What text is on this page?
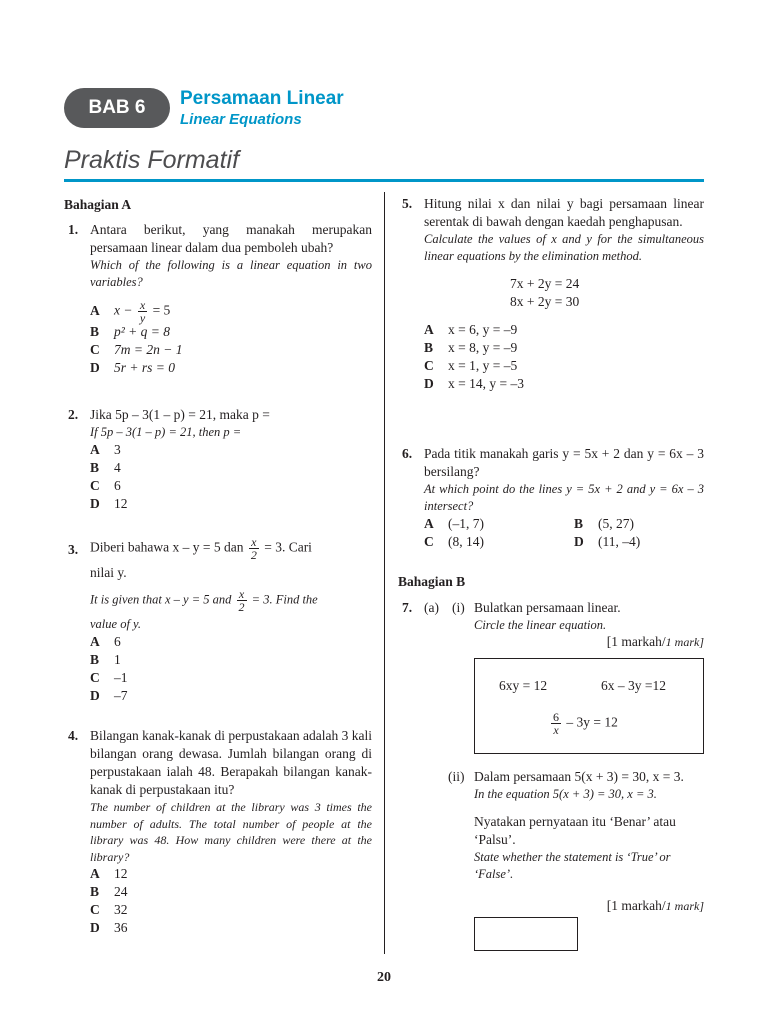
BAB 6	Persamaan Linear
Linear Equations
Praktis Formatif
Bahagian A
1. Antara berikut, yang manakah merupakan persamaan linear dalam dua pemboleh ubah?
Which of the following is a linear equation in two variables?
A $x - \frac{x}{y} = 5$
B p² + q = 8
C 7m = 2n − 1
D 5r + rs = 0
2. Jika 5p – 3(1 – p) = 21, maka p =
If 5p – 3(1 – p) = 21, then p =
A 3
B 4
C 6
D 12
3. Diberi bahawa x – y = 5 dan $\frac{x}{2} = 3$. Cari
nilai y.
It is given that x – y = 5 and $\frac{x}{2} = 3$. Find the
value of y.
A 6
B 1
C –1
D –7
4. Bilangan kanak-kanak di perpustakaan adalah 3 kali bilangan orang dewasa. Jumlah bilangan orang di perpustakaan ialah 48. Berapakah bilangan kanak-kanak di perpustakaan itu?
The number of children at the library was 3 times the number of adults. The total number of people at the library was 48. How many children were there at the library?
A 12
B 24
C 32
D 36
5. Hitung nilai x dan nilai y bagi persamaan linear serentak di bawah dengan kaedah penghapusan.
Calculate the values of x and y for the simultaneous linear equations by the elimination method.
7x + 2y = 24
8x + 2y = 30
A x = 6, y = –9
B x = 8, y = –9
C x = 1, y = –5
D x = 14, y = –3
6. Pada titik manakah garis y = 5x + 2 dan y = 6x – 3 bersilang?
At which point do the lines y = 5x + 2 and y = 6x – 3 intersect?
A (–1, 7)	B (5, 27)
C (8, 14)	D (11, –4)
Bahagian B
7. (a) (i) Bulatkan persamaan linear.
Circle the linear equation.
[1 markah/1 mark]
6xy = 12	6x – 3y =12
$\frac{6}{x} - 3y = 12$
(ii) Dalam persamaan 5(x + 3) = 30, x = 3.
In the equation 5(x + 3) = 30, x = 3.
Nyatakan pernyataan itu ‘Benar’ atau ‘Palsu’.
State whether the statement is ‘True’ or ‘False’.
[1 markah/1 mark]
20
